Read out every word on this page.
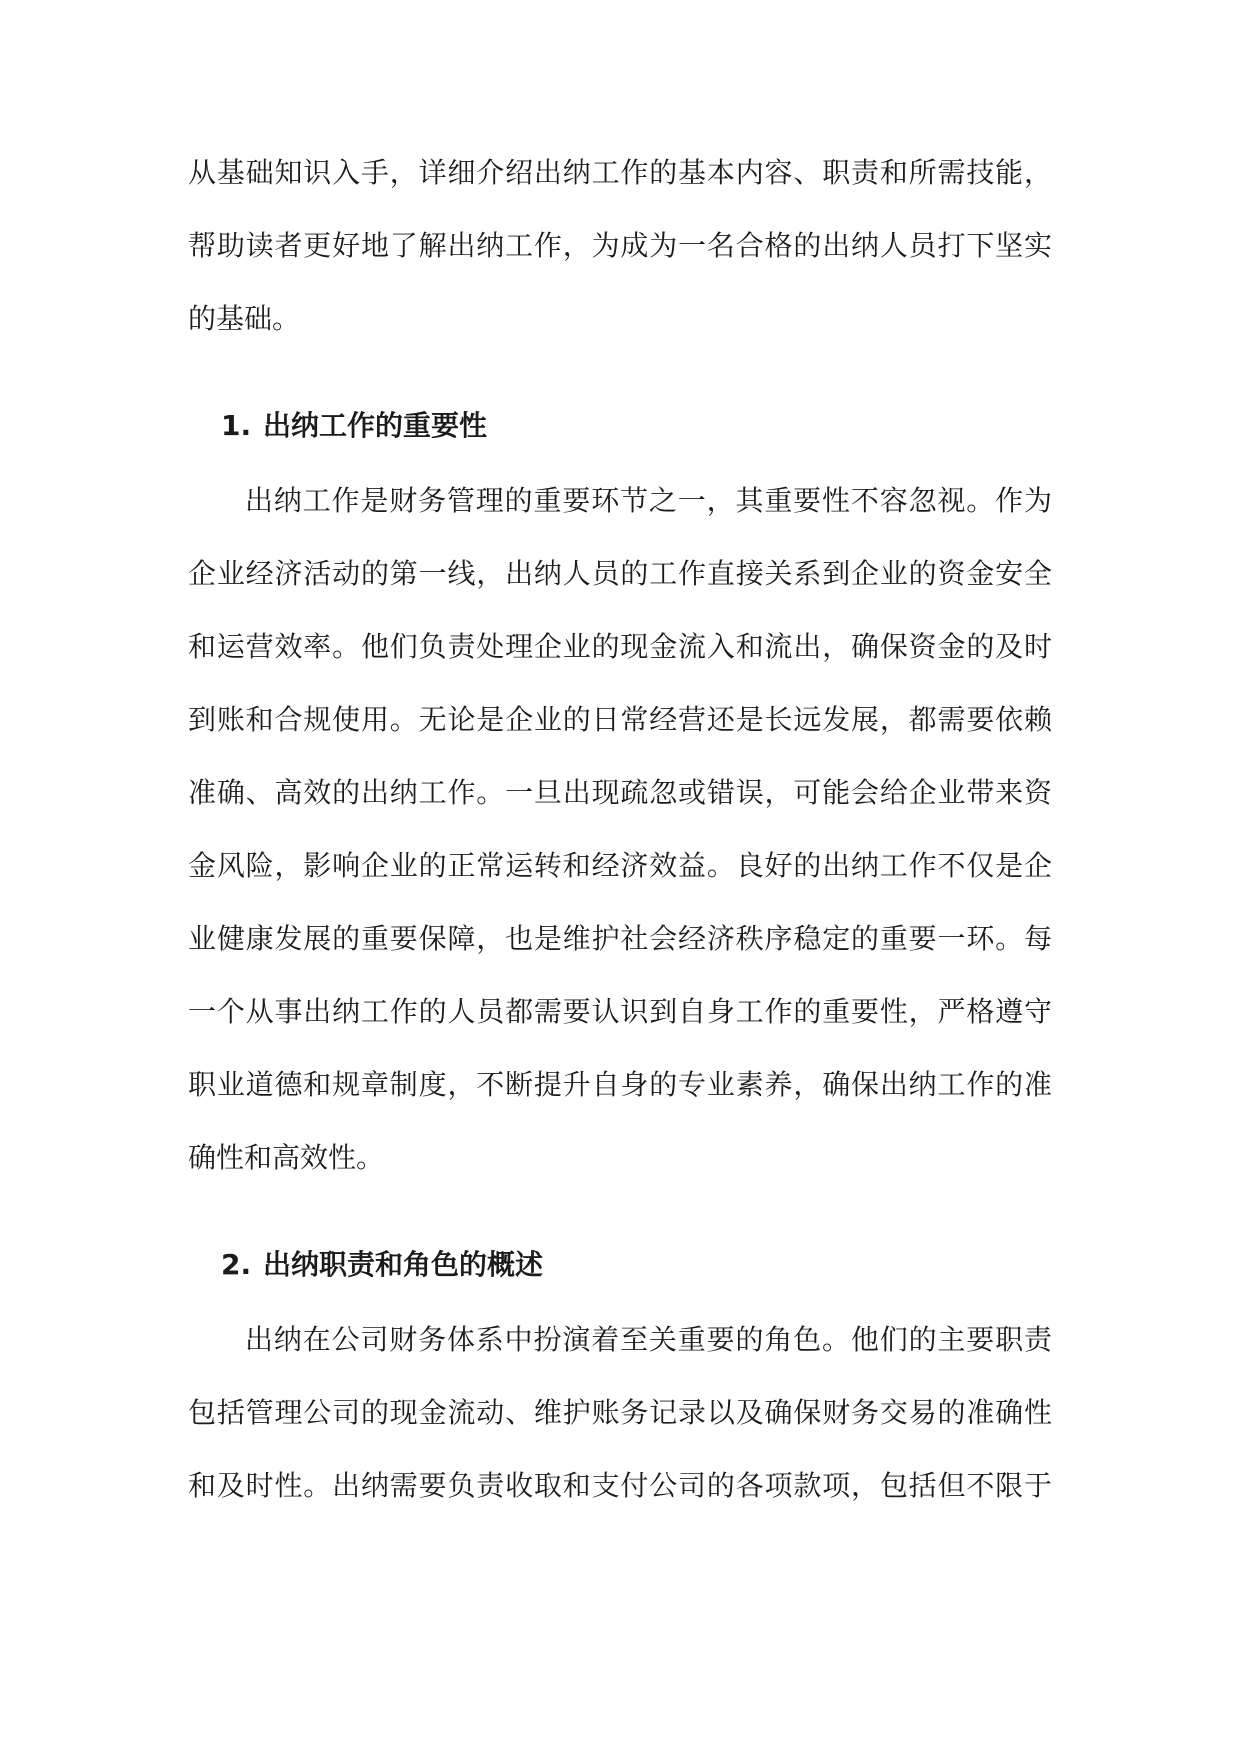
从基础知识入手，详细介绍出纳工作的基本内容、职责和所需技能，
帮助读者更好地了解出纳工作，为成为一名合格的出纳人员打下坚实
的基础。
1. 出纳工作的重要性
出纳工作是财务管理的重要环节之一，其重要性不容忽视。作为
企业经济活动的第一线，出纳人员的工作直接关系到企业的资金安全
和运营效率。他们负责处理企业的现金流入和流出，确保资金的及时
到账和合规使用。无论是企业的日常经营还是长远发展，都需要依赖
准确、高效的出纳工作。一旦出现疏忽或错误，可能会给企业带来资
金风险，影响企业的正常运转和经济效益。良好的出纳工作不仅是企
业健康发展的重要保障，也是维护社会经济秩序稳定的重要一环。每
一个从事出纳工作的人员都需要认识到自身工作的重要性，严格遵守
职业道德和规章制度，不断提升自身的专业素养，确保出纳工作的准
确性和高效性。
2. 出纳职责和角色的概述
出纳在公司财务体系中扮演着至关重要的角色。他们的主要职责
包括管理公司的现金流动、维护账务记录以及确保财务交易的准确性
和及时性。出纳需要负责收取和支付公司的各项款项，包括但不限于
